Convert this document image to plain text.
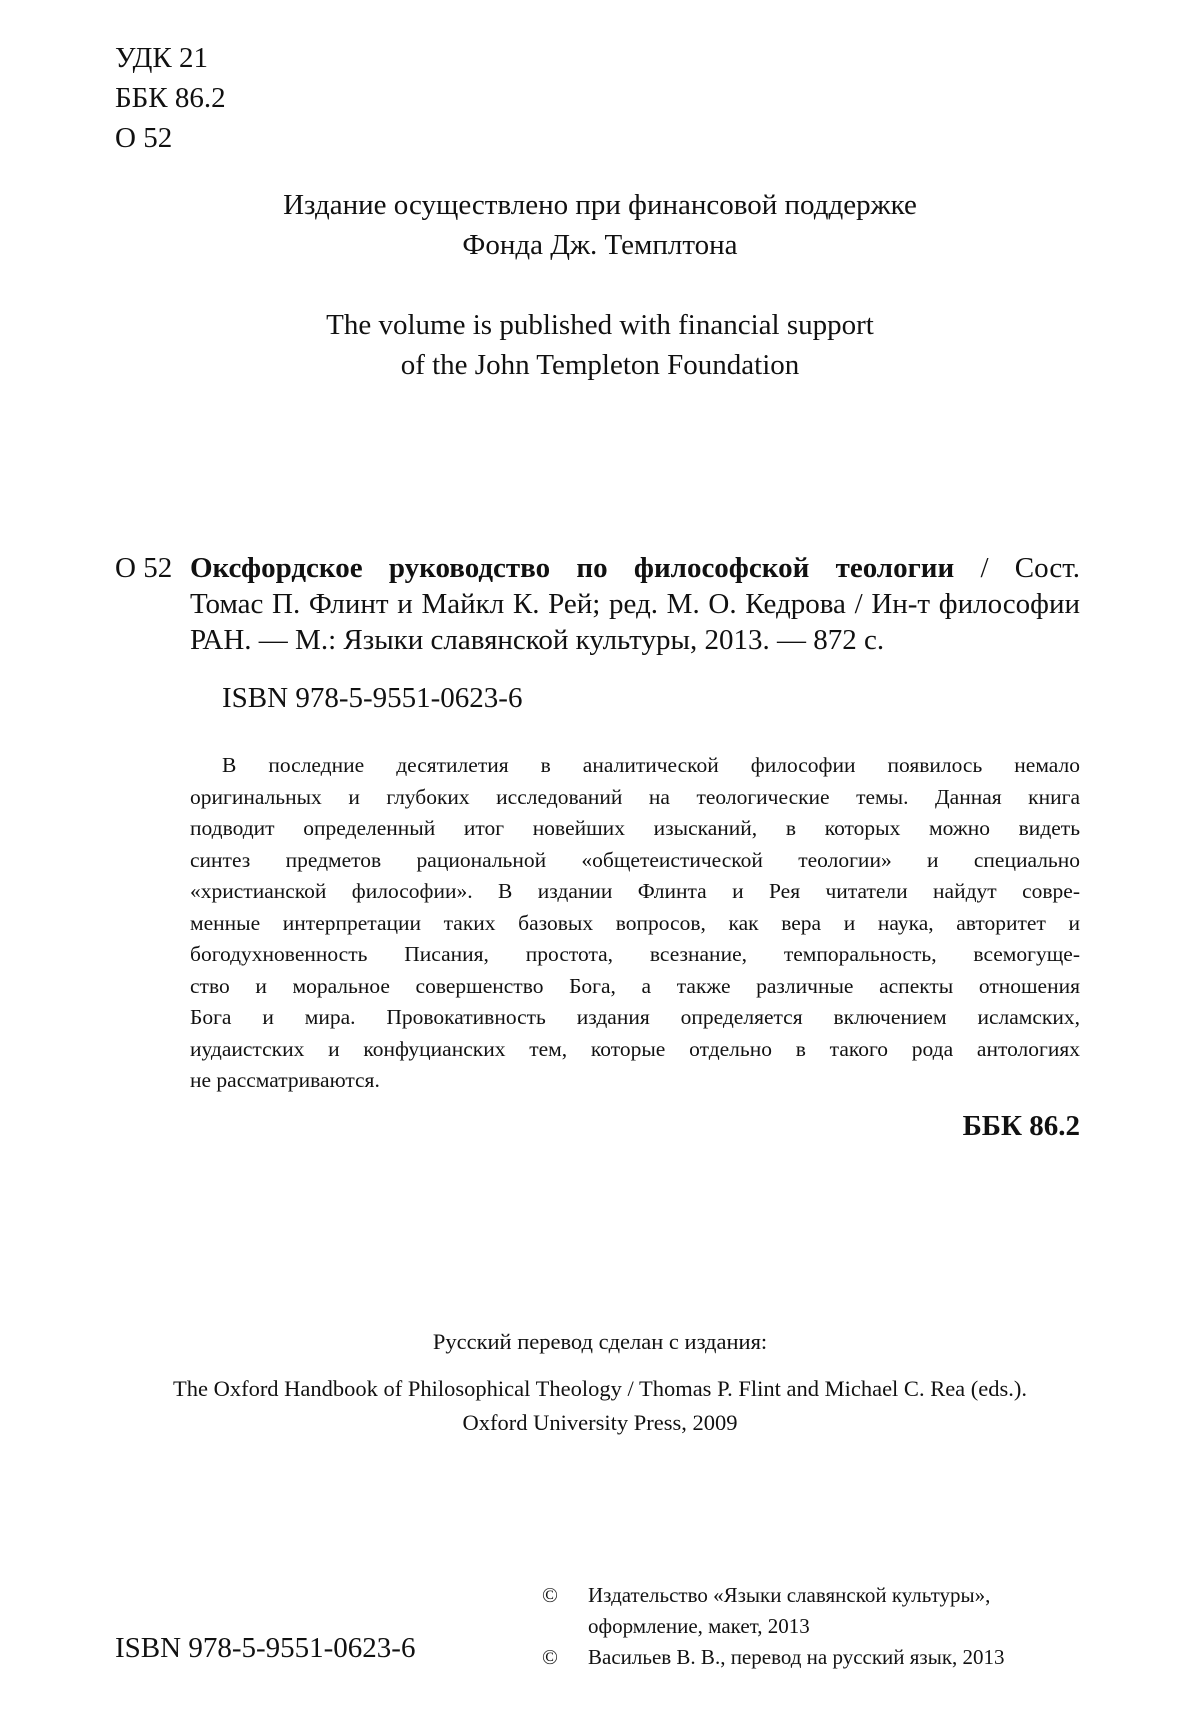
УДК 21
ББК 86.2
О 52
Издание осуществлено при финансовой поддержке
Фонда Дж. Темплтона
The volume is published with financial support
of the John Templeton Foundation
О 52 Оксфордское руководство по философской теологии / Сост.
Томас П. Флинт и Майкл К. Рей; ред. М. О. Кедрова / Ин-т философии
РАН. — М.: Языки славянской культуры, 2013. — 872 с.
ISBN 978-5-9551-0623-6
В последние десятилетия в аналитической философии появилось немало
оригинальных и глубоких исследований на теологические темы. Данная книга
подводит определенный итог новейших изысканий, в которых можно видеть
синтез предметов рациональной «общетеистической теологии» и специально
«христианской философии». В издании Флинта и Рея читатели найдут совре-
менные интерпретации таких базовых вопросов, как вера и наука, авторитет и
богодухновенность Писания, простота, всезнание, темпоральность, всемогуще-
ство и моральное совершенство Бога, а также различные аспекты отношения
Бога и мира. Провокативность издания определяется включением исламских,
иудаистских и конфуцианских тем, которые отдельно в такого рода антологиях
не рассматриваются.
ББК 86.2
Русский перевод сделан с издания:
The Oxford Handbook of Philosophical Theology / Thomas P. Flint and Michael C. Rea (eds.).
Oxford University Press, 2009
ISBN 978-5-9551-0623-6
©	Издательство «Языки славянской культуры»,
оформление, макет, 2013
©	Васильев В. В., перевод на русский язык, 2013
